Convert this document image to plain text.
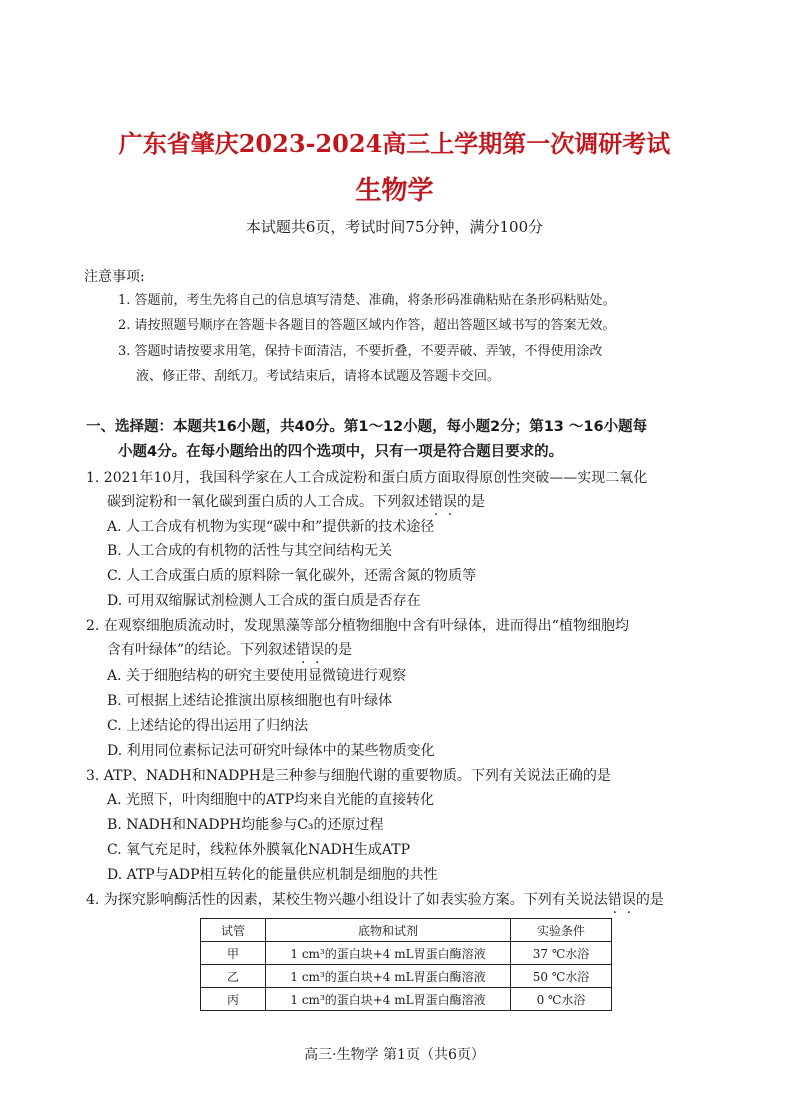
广东省肇庆2023-2024高三上学期第一次调研考试
生物学
本试题共6页，考试时间75分钟，满分100分
注意事项:
1. 答题前，考生先将自己的信息填写清楚、准确，将条形码准确粘贴在条形码粘贴处。
2. 请按照题号顺序在答题卡各题目的答题区域内作答，超出答题区域书写的答案无效。
3. 答题时请按要求用笔，保持卡面清洁，不要折叠，不要弄破、弄皱，不得使用涂改
液、修正带、刮纸刀。考试结束后，请将本试题及答题卡交回。
一、选择题：本题共16小题，共40分。第1～12小题，每小题2分；第13 ～16小题每
小题4分。在每小题给出的四个选项中，只有一项是符合题目要求的。
1. 2021年10月，我国科学家在人工合成淀粉和蛋白质方面取得原创性突破——实现二氧化
碳到淀粉和一氧化碳到蛋白质的人工合成。下列叙述错误的是
A. 人工合成有机物为实现“碳中和”提供新的技术途径
B. 人工合成的有机物的活性与其空间结构无关
C. 人工合成蛋白质的原料除一氧化碳外，还需含氮的物质等
D. 可用双缩脲试剂检测人工合成的蛋白质是否存在
2. 在观察细胞质流动时，发现黑藻等部分植物细胞中含有叶绿体，进而得出“植物细胞均
含有叶绿体”的结论。下列叙述错误的是
A. 关于细胞结构的研究主要使用显微镜进行观察
B. 可根据上述结论推演出原核细胞也有叶绿体
C. 上述结论的得出运用了归纳法
D. 利用同位素标记法可研究叶绿体中的某些物质变化
3. ATP、NADH和NADPH是三种参与细胞代谢的重要物质。下列有关说法正确的是
A. 光照下，叶肉细胞中的ATP均来自光能的直接转化
B. NADH和NADPH均能参与C₃的还原过程
C. 氧气充足时，线粒体外膜氧化NADH生成ATP
D. ATP与ADP相互转化的能量供应机制是细胞的共性
4. 为探究影响酶活性的因素，某校生物兴趣小组设计了如表实验方案。下列有关说法错误的是
试管	底物和试剂	实验条件
甲	1 cm³的蛋白块+4 mL胃蛋白酶溶液	37 ℃水浴
乙	1 cm³的蛋白块+4 mL胃蛋白酶溶液	50 ℃水浴
丙	1 cm³的蛋白块+4 mL胃蛋白酶溶液	0 ℃水浴
高三·生物学 第1页（共6页）
